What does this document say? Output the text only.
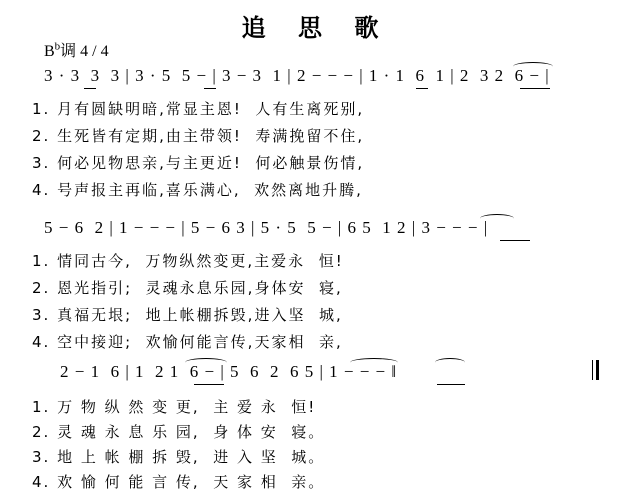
追 思 歌
$B^b$调 4 / 4
3 · 3  3  3 | 3 · 5  5 − | 3 − 3  1 | 2 − − − | 1 · 1  6  1 | 2  3 2  6 − |
1. 月有圆缺明暗,常显主恩!  人有生离死别,
2. 生死皆有定期,由主带领!  寿满挽留不住,
3. 何必见物思亲,与主更近!  何必触景伤情,
4. 号声报主再临,喜乐满心,  欢然离地升腾,
5 − 6  2 | 1 − − − | 5 − 6 3 | 5 · 5  5 − | 6 5  1 2 | 3 − − − |
1. 情同古今,  万物纵然变更,主爱永  恒!
2. 恩光指引;  灵魂永息乐园,身体安  寝,
3. 真福无垠;  地上帐棚拆毁,进入坚  城,
4. 空中接迎;  欢愉何能言传,天家相  亲,
2 − 1  6 | 1  2 1  6 − | 5  6  2  6 5 | 1 − − − ‖
1. 万 物 纵 然 变 更,  主 爱 永  恒!
2. 灵 魂 永 息 乐 园,  身 体 安  寝。
3. 地 上 帐 棚 拆 毁,  进 入 坚  城。
4. 欢 愉 何 能 言 传,  天 家 相  亲。
